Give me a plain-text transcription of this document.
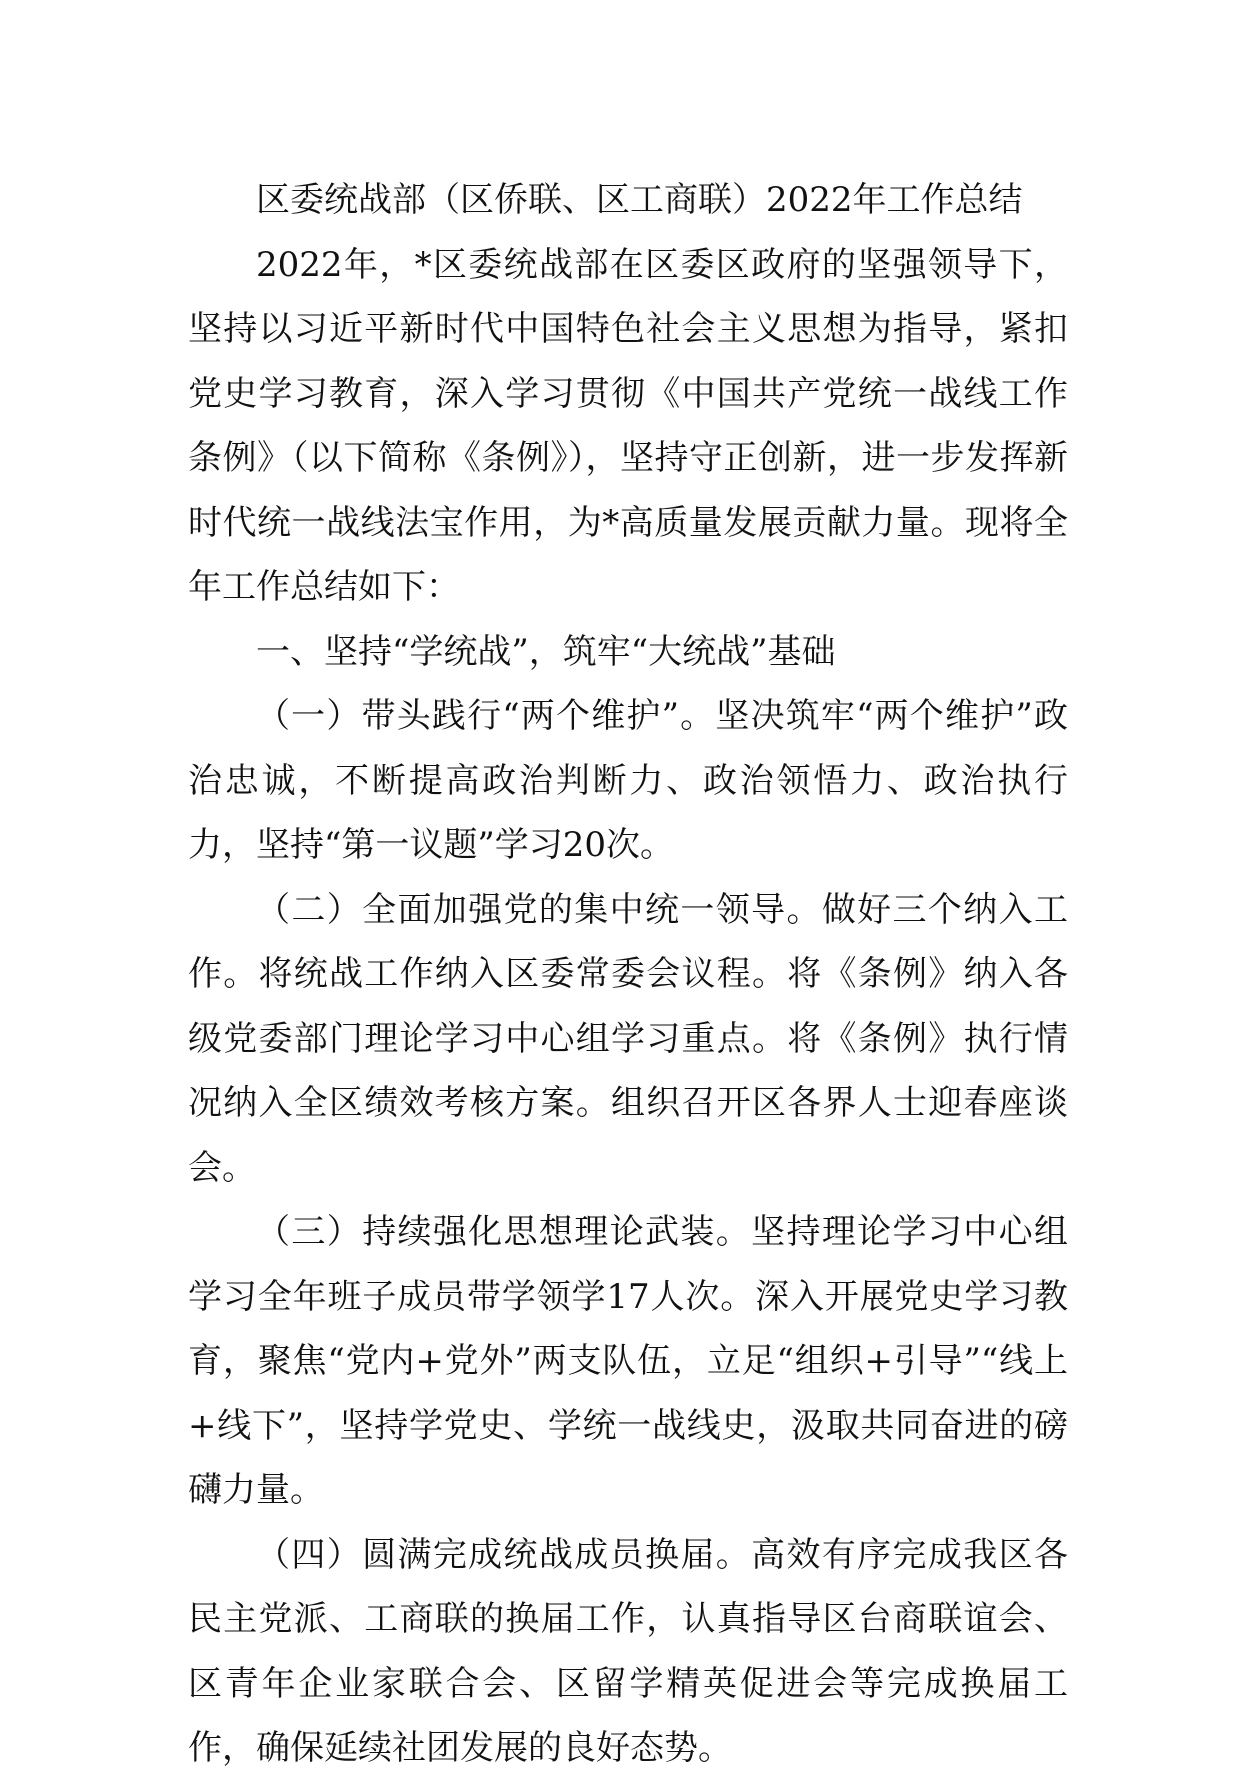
区委统战部（区侨联、区工商联）2022年工作总结

2022年，*区委统战部在区委区政府的坚强领导下，坚持以习近平新时代中国特色社会主义思想为指导，紧扣党史学习教育，深入学习贯彻《中国共产党统一战线工作条例》（以下简称《条例》），坚持守正创新，进一步发挥新时代统一战线法宝作用，为*高质量发展贡献力量。现将全年工作总结如下：

一、坚持“学统战”，筑牢“大统战”基础

（一）带头践行“两个维护”。坚决筑牢“两个维护”政治忠诚，不断提高政治判断力、政治领悟力、政治执行力，坚持“第一议题”学习20次。

（二）全面加强党的集中统一领导。做好三个纳入工作。将统战工作纳入区委常委会议程。将《条例》纳入各级党委部门理论学习中心组学习重点。将《条例》执行情况纳入全区绩效考核方案。组织召开区各界人士迎春座谈会。

（三）持续强化思想理论武装。坚持理论学习中心组学习全年班子成员带学领学17人次。深入开展党史学习教育，聚焦“党内+党外”两支队伍，立足“组织+引导”“线上+线下”，坚持学党史、学统一战线史，汲取共同奋进的磅礴力量。

（四）圆满完成统战成员换届。高效有序完成我区各民主党派、工商联的换届工作，认真指导区台商联谊会、区青年企业家联合会、区留学精英促进会等完成换届工作，确保延续社团发展的良好态势。
